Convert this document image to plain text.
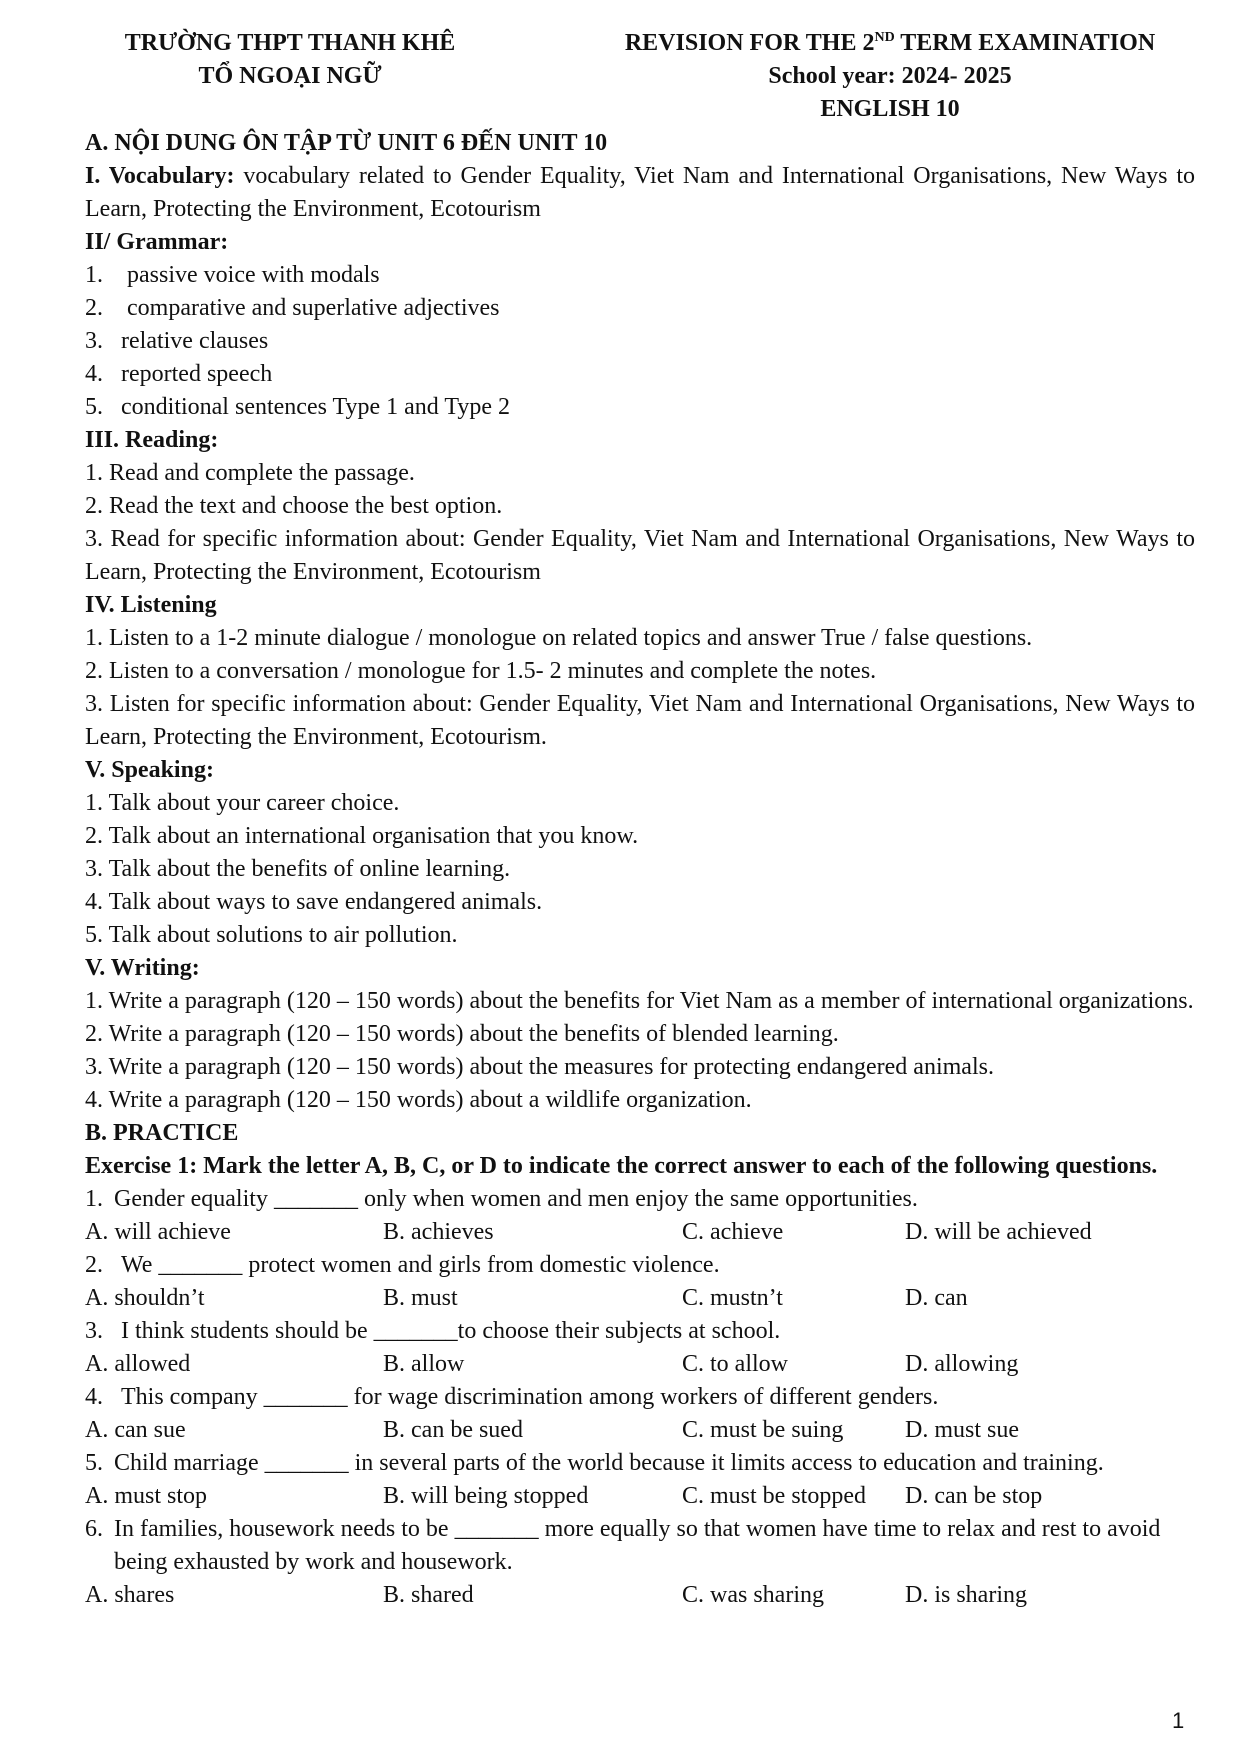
TRƯỜNG THPT THANH KHÊ
TỔ NGOẠI NGỮ
REVISION FOR THE 2ND TERM EXAMINATION
School year: 2024- 2025
ENGLISH 10
A. NỘI DUNG ÔN TẬP TỪ UNIT 6 ĐẾN UNIT 10
I. Vocabulary: vocabulary related to Gender Equality, Viet Nam and International Organisations, New Ways to Learn, Protecting the Environment, Ecotourism
II/ Grammar:
1. passive voice with modals
2. comparative and superlative adjectives
3. relative clauses
4. reported speech
5. conditional sentences Type 1 and Type 2
III. Reading:
1. Read and complete the passage.
2. Read the text and choose the best option.
3. Read for specific information about: Gender Equality, Viet Nam and International Organisations, New Ways to Learn, Protecting the Environment, Ecotourism
IV. Listening
1. Listen to a 1-2 minute dialogue / monologue on related topics and answer True / false questions.
2. Listen to a conversation / monologue for 1.5- 2 minutes and complete the notes.
3. Listen for specific information about: Gender Equality, Viet Nam and International Organisations, New Ways to Learn, Protecting the Environment, Ecotourism.
V. Speaking:
1. Talk about your career choice.
2. Talk about an international organisation that you know.
3. Talk about the benefits of online learning.
4. Talk about ways to save endangered animals.
5. Talk about solutions to air pollution.
V. Writing:
1. Write a paragraph (120 – 150 words) about the benefits for Viet Nam as a member of international organizations.
2. Write a paragraph (120 – 150 words) about the benefits of blended learning.
3. Write a paragraph (120 – 150 words) about the measures for protecting endangered animals.
4. Write a paragraph (120 – 150 words) about a wildlife organization.
B. PRACTICE
Exercise 1: Mark the letter A, B, C, or D to indicate the correct answer to each of the following questions.
1. Gender equality _______ only when women and men enjoy the same opportunities.
A. will achieve	B. achieves	C. achieve	D. will be achieved
2. We _______ protect women and girls from domestic violence.
A. shouldn’t	B. must	C. mustn’t	D. can
3. I think students should be _______to choose their subjects at school.
A. allowed	B. allow	C. to allow	D. allowing
4. This company _______ for wage discrimination among workers of different genders.
A. can sue	B. can be sued	C. must be suing	D. must sue
5. Child marriage _______ in several parts of the world because it limits access to education and training.
A. must stop	B. will being stopped	C. must be stopped D. can be stop
6. In families, housework needs to be _______ more equally so that women have time to relax and rest to avoid being exhausted by work and housework.
A. shares	B. shared	C. was sharing	D. is sharing
1
